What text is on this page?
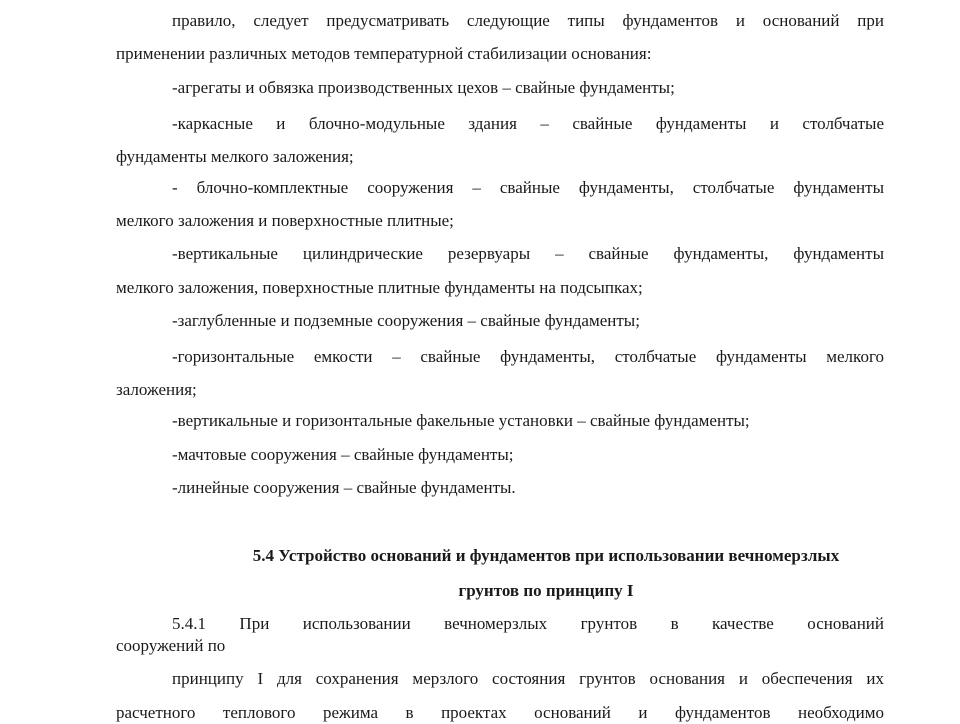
правило, следует предусматривать следующие типы фундаментов и оснований при
применении различных методов температурной стабилизации основания:
-агрегаты и обвязка производственных цехов – свайные фундаменты;
-каркасные и блочно-модульные здания – свайные фундаменты и столбчатые
фундаменты мелкого заложения;
- блочно-комплектные сооружения – свайные фундаменты, столбчатые фундаменты
мелкого заложения и поверхностные плитные;
-вертикальные цилиндрические резервуары – свайные фундаменты, фундаменты
мелкого заложения, поверхностные плитные фундаменты на подсыпках;
-заглубленные и подземные сооружения – свайные фундаменты;
-горизонтальные емкости – свайные фундаменты, столбчатые фундаменты мелкого
заложения;
-вертикальные и горизонтальные факельные установки – свайные фундаменты;
-мачтовые сооружения – свайные фундаменты;
-линейные сооружения – свайные фундаменты.
5.4 Устройство оснований и фундаментов при использовании вечномерзлых
грунтов по принципу I
5.4.1 При использовании вечномерзлых грунтов в качестве оснований
сооружений по
принципу I для сохранения мерзлого состояния грунтов основания и обеспечения их
расчетного теплового режима в проектах оснований и фундаментов необходимо
